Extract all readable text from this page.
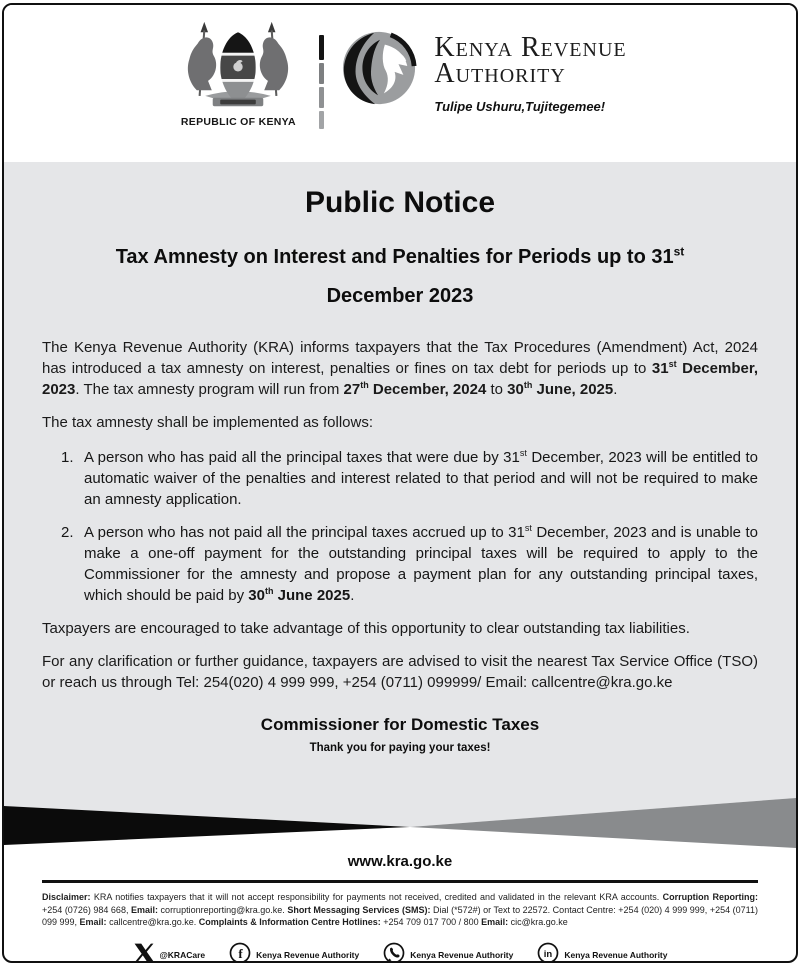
REPUBLIC OF KENYA
Kenya Revenue
Authority
Tulipe Ushuru,Tujitegemee!
Public Notice
Tax Amnesty on Interest and Penalties for Periods up to 31st December 2023

The Kenya Revenue Authority (KRA) informs taxpayers that the Tax Procedures (Amendment) Act, 2024 has introduced a tax amnesty on interest, penalties or fines on tax debt for periods up to 31st December, 2023. The tax amnesty program will run from 27th December, 2024 to 30th June, 2025.

The tax amnesty shall be implemented as follows:

1. A person who has paid all the principal taxes that were due by 31st December, 2023 will be entitled to automatic waiver of the penalties and interest related to that period and will not be required to make an amnesty application.
2. A person who has not paid all the principal taxes accrued up to 31st December, 2023 and is unable to make a one-off payment for the outstanding principal taxes will be required to apply to the Commissioner for the amnesty and propose a payment plan for any outstanding principal taxes, which should be paid by 30th June 2025.

Taxpayers are encouraged to take advantage of this opportunity to clear outstanding tax liabilities.

For any clarification or further guidance, taxpayers are advised to visit the nearest Tax Service Office (TSO) or reach us through Tel: 254(020) 4 999 999, +254 (0711) 099999/ Email: callcentre@kra.go.ke

Commissioner for Domestic Taxes
Thank you for paying your taxes!
www.kra.go.ke

Disclaimer: KRA notifies taxpayers that it will not accept responsibility for payments not received, credited and validated in the relevant KRA accounts. Corruption Reporting: +254 (0726) 984 668, Email: corruptionreporting@kra.go.ke. Short Messaging Services (SMS): Dial (*572#) or Text to 22572. Contact Centre: +254 (020) 4 999 999, +254 (0711) 099 999, Email: callcentre@kra.go.ke. Complaints & Information Centre Hotlines: +254 709 017 700 / 800 Email: cic@kra.go.ke

@KRACare	f Kenya Revenue Authority	Kenya Revenue Authority	in Kenya Revenue Authority
